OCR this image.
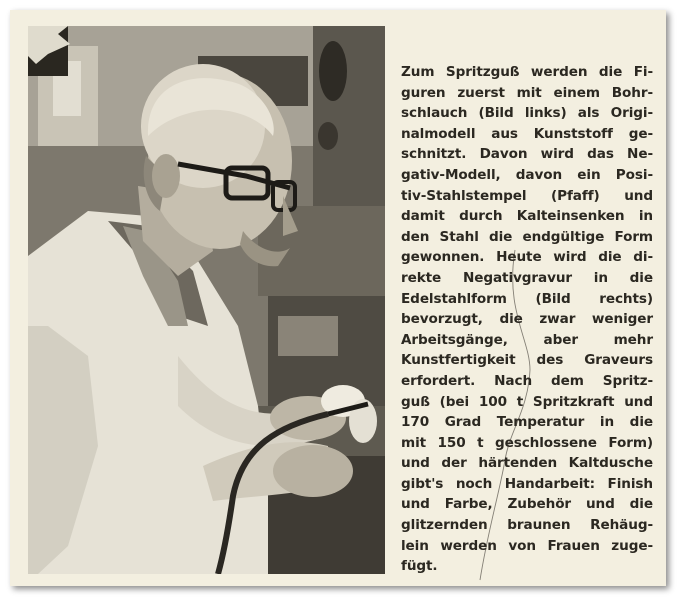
Zum Spritzguß werden die Fi-
guren zuerst mit einem Bohr-
schlauch (Bild links) als Origi-
nalmodell aus Kunststoff ge-
schnitzt. Davon wird das Ne-
gativ-Modell, davon ein Posi-
tiv-Stahlstempel (Pfaff) und
damit durch Kalteinsenken in
den Stahl die endgültige Form
gewonnen. Heute wird die di-
rekte Negativgravur in die
Edelstahlform (Bild rechts)
bevorzugt, die zwar weniger
Arbeitsgänge, aber mehr
Kunstfertigkeit des Graveurs
erfordert. Nach dem Spritz-
guß (bei 100 t Spritzkraft und
170 Grad Temperatur in die
mit 150 t geschlossene Form)
und der härtenden Kaltdusche
gibt's noch Handarbeit: Finish
und Farbe, Zubehör und die
glitzernden braunen Rehäug-
lein werden von Frauen zuge-
fügt.
